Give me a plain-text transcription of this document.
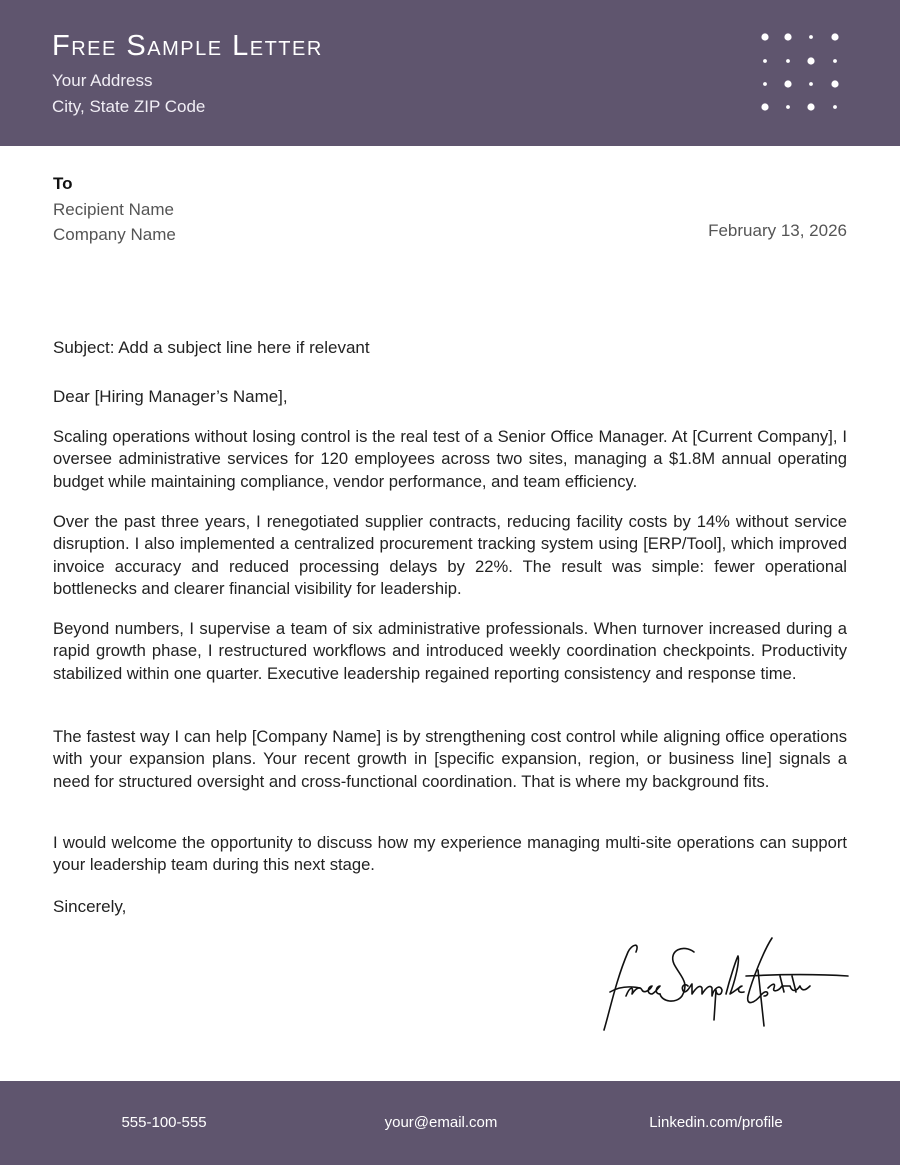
Free Sample Letter
Your Address
City, State ZIP Code
To
Recipient Name
Company Name	February 13, 2026
Subject: Add a subject line here if relevant
Dear [Hiring Manager’s Name],

Scaling operations without losing control is the real test of a Senior Office Manager. At [Current Company], I oversee administrative services for 120 employees across two sites, managing a $1.8M annual operating budget while maintaining compliance, vendor performance, and team efficiency.

Over the past three years, I renegotiated supplier contracts, reducing facility costs by 14% without service disruption. I also implemented a centralized procurement tracking system using [ERP/Tool], which improved invoice accuracy and reduced processing delays by 22%. The result was simple: fewer operational bottlenecks and clearer financial visibility for leadership.

Beyond numbers, I supervise a team of six administrative professionals. When turnover increased during a rapid growth phase, I restructured workflows and introduced weekly coordination checkpoints. Productivity stabilized within one quarter. Executive leadership regained reporting consistency and response time.

The fastest way I can help [Company Name] is by strengthening cost control while aligning office operations with your expansion plans. Your recent growth in [specific expansion, region, or business line] signals a need for structured oversight and cross-functional coordination. That is where my background fits.

I would welcome the opportunity to discuss how my experience managing multi-site operations can support your leadership team during this next stage.

Sincerely,
555-100-555	your@email.com	Linkedin.com/profile
